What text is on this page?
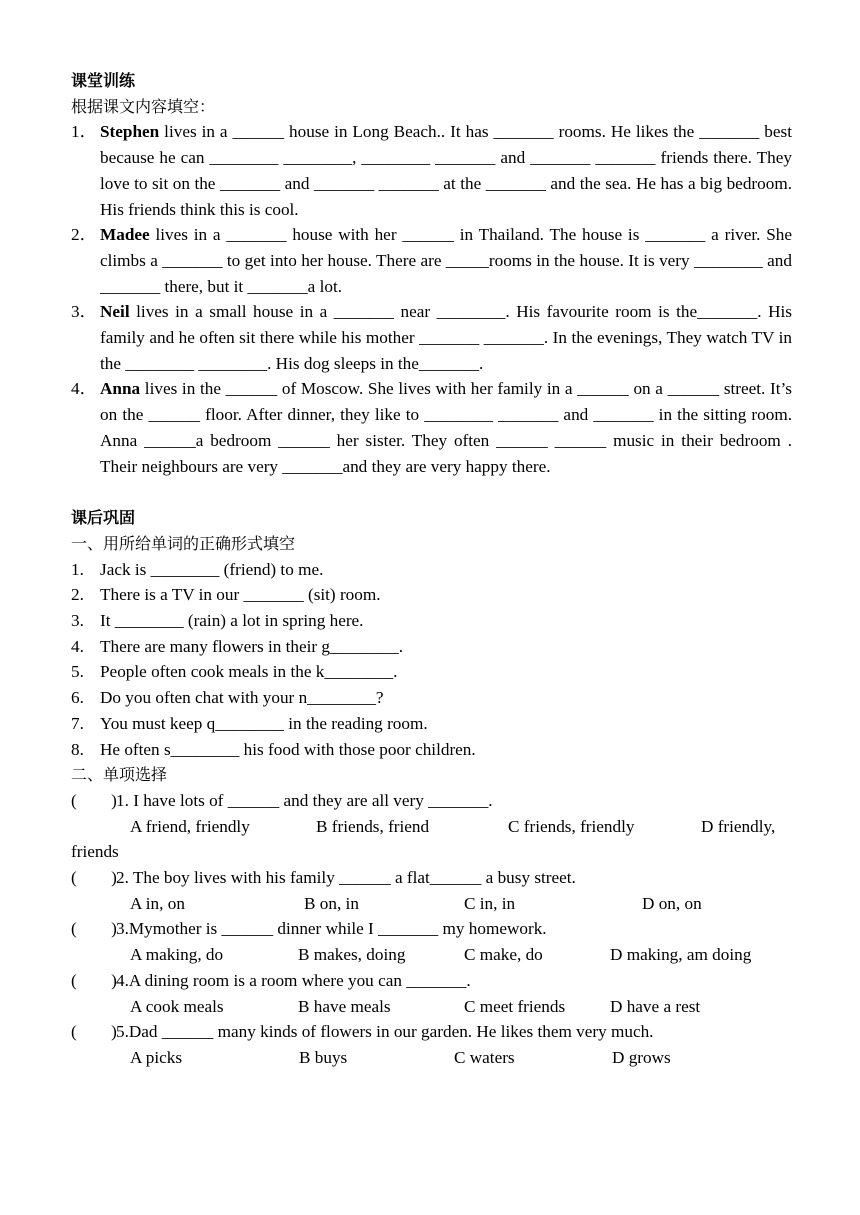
课堂训练
根据课文内容填空：
1． Stephen lives in a ______ house in Long Beach.. It has _______ rooms. He likes the _______ best because he can ________ ________, ________ _______ and _______ _______ friends there. They love to sit on the _______ and _______ _______ at the _______ and the sea. He has a big bedroom. His friends think this is cool.
2． Madee lives in a _______ house with her ______ in Thailand. The house is _______ a river. She climbs a _______ to get into her house. There are _____rooms in the house. It is very ________ and _______ there, but it _______a lot.
3． Neil lives in a small house in a _______ near ________. His favourite room is the_______. His family and he often sit there while his mother _______ _______. In the evenings, They watch TV in the ________ ________. His dog sleeps in the_______.
4． Anna lives in the ______ of Moscow. She lives with her family in a ______ on a ______ street. It’s on the ______ floor. After dinner, they like to ________ _______ and _______ in the sitting room. Anna ______a bedroom ______ her sister. They often ______ ______ music in their bedroom . Their neighbours are very _______and they are very happy there.
课后巩固
一、用所给单词的正确形式填空
1. Jack is ________ (friend) to me.
2. There is a TV in our _______ (sit) room.
3. It ________ (rain) a lot in spring here.
4. There are many flowers in their g________.
5. People often cook meals in the k________.
6. Do you often chat with your n________?
7. You must keep q________ in the reading room.
8. He often s________ his food with those poor children.
二、单项选择
(　　) 1. I have lots of ______ and they are all very _______.
A friend, friendly	B friends, friend	C friends, friendly	D friendly,
friends
(　　) 2. The boy lives with his family ______ a flat______ a busy street.
A in, on	B on, in	C in, in	D on, on
(　　) 3.Mymother is ______ dinner while I _______ my homework.
A making, do	B makes, doing	C make, do	D making, am doing
(　　) 4.A dining room is a room where you can _______.
A cook meals	B have meals	C meet friends	D have a rest
(　　) 5.Dad ______ many kinds of flowers in our garden. He likes them very much.
A picks	B buys	C waters	D grows
